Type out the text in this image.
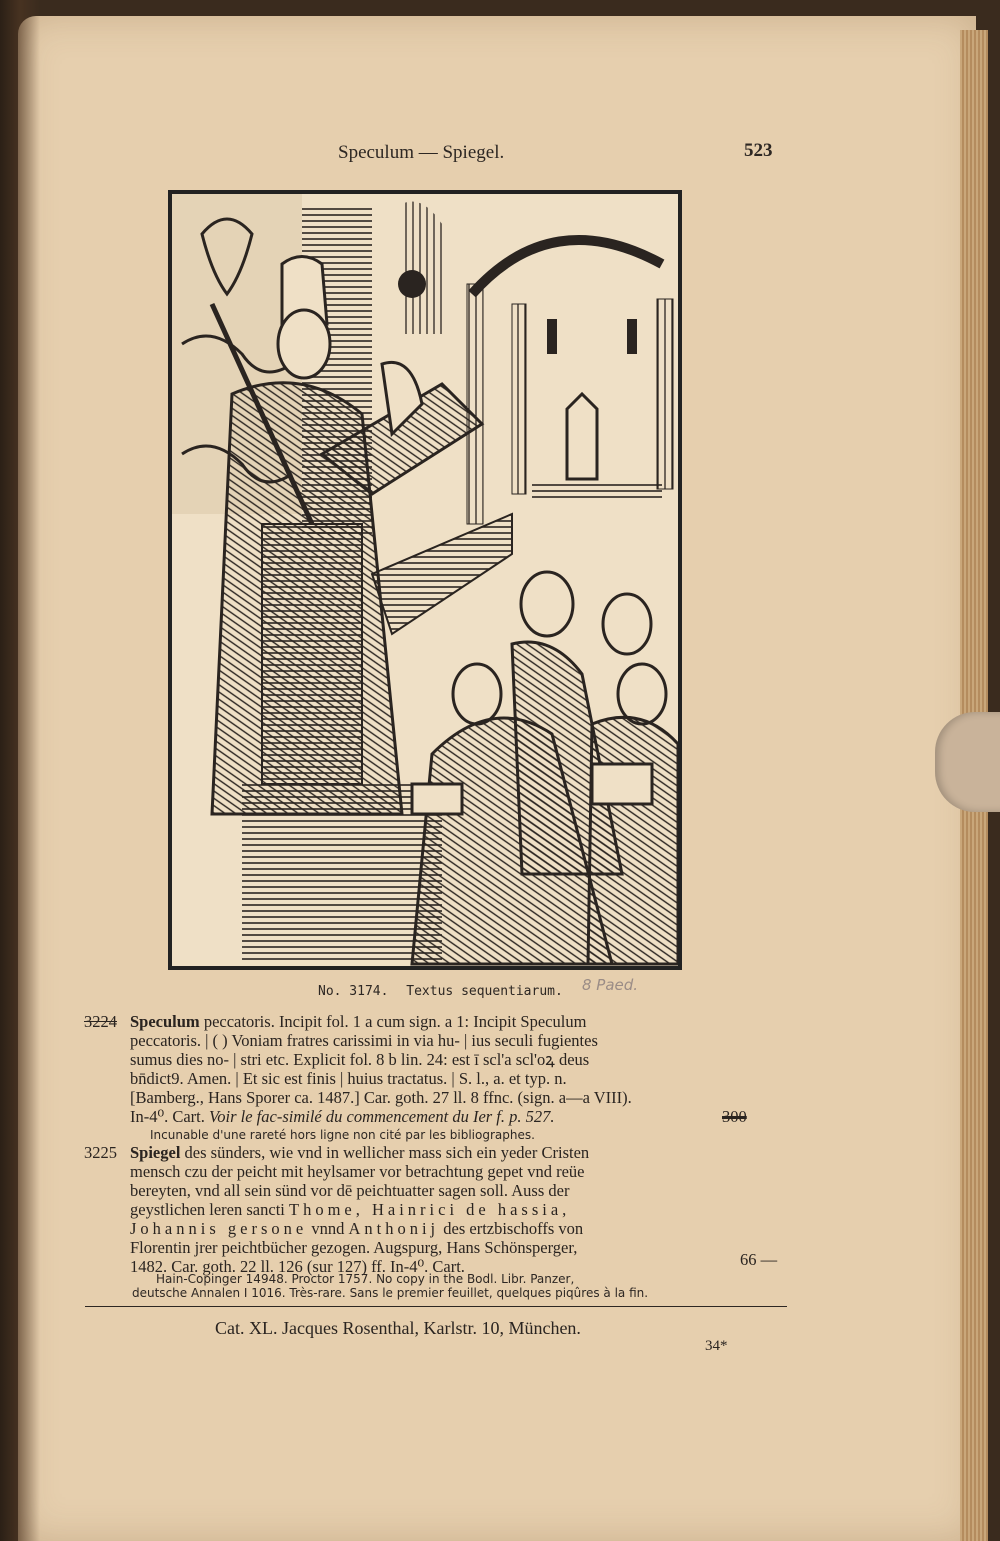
Speculum — Spiegel.	523
No. 3174. Textus sequentiarum.	8 Paed.
3224 Speculum peccatoris. Incipit fol. 1 a cum sign. a 1: Incipit Speculum
peccatoris. | ( ) Voniam fratres carissimi in via hu- | ius seculi fugientes
sumus dies no- | stri etc. Explicit fol. 8 b lin. 24: est ī scl'a scl'oꝝ deus
bn̄dict9. Amen. | Et sic est finis | huius tractatus. | S. l., a. et typ. n.
[Bamberg., Hans Sporer ca. 1487.] Car. goth. 27 ll. 8 ffnc. (sign. a—a VIII).
In-4⁰. Cart. Voir le fac-similé du commencement du Ier f. p. 527.	300
Incunable d'une rareté hors ligne non cité par les bibliographes.
3225 Spiegel des sünders, wie vnd in wellicher mass sich ein yeder Cristen
mensch czu der peicht mit heylsamer vor betrachtung gepet vnd reüe
bereyten, vnd all sein sünd vor dē peichtuatter sagen soll. Auss der
geystlichen leren sancti Thome, Hainrici de hassia,
Johannis gersone vnnd Anthonij des ertzbischoffs von
Florentin jrer peichtbücher gezogen. Augspurg, Hans Schönsperger,
1482. Car. goth. 22 ll. 126 (sur 127) ff. In-4⁰. Cart.	66 —
Hain-Copinger 14948. Proctor 1757. No copy in the Bodl. Libr. Panzer,
deutsche Annalen I 1016. Très-rare. Sans le premier feuillet, quelques piqûres à la fin.
Cat. XL. Jacques Rosenthal, Karlstr. 10, München.
34*
